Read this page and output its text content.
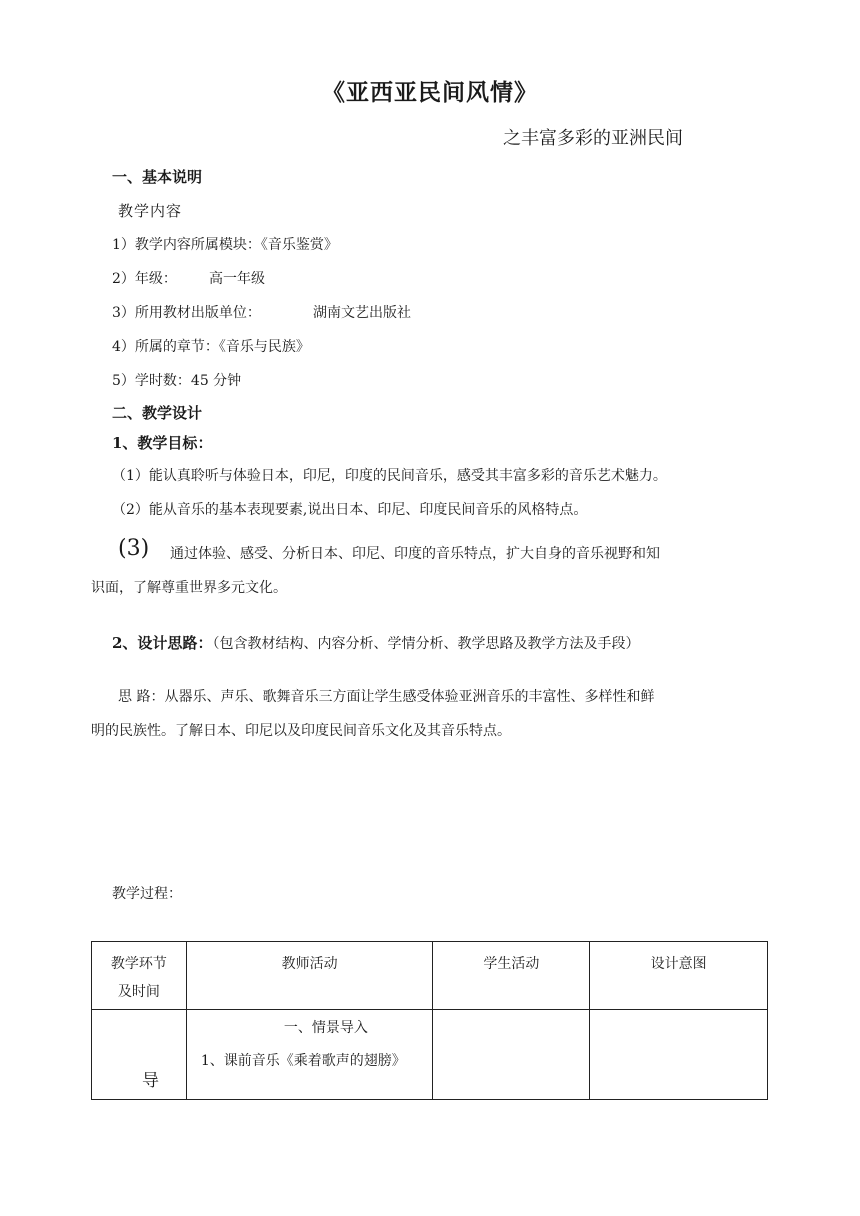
《亚西亚民间风情》
之丰富多彩的亚洲民间
一、基本说明
教学内容
1）教学内容所属模块：《音乐鉴赏》
2）年级： 高一年级
3）所用教材出版单位：	湖南文艺出版社
4）所属的章节：《音乐与民族》
5）学时数：45 分钟
二、教学设计
1、教学目标：
（1）能认真聆听与体验日本，印尼，印度的民间音乐，感受其丰富多彩的音乐艺术魅力。
（2）能从音乐的基本表现要素,说出日本、印尼、印度民间音乐的风格特点。
(3) 通过体验、感受、分析日本、印尼、印度的音乐特点，扩大自身的音乐视野和知
识面，了解尊重世界多元文化。
2、设计思路：（包含教材结构、内容分析、学情分析、教学思路及教学方法及手段）
思 路：从器乐、声乐、歌舞音乐三方面让学生感受体验亚洲音乐的丰富性、多样性和鲜
明的民族性。了解日本、印尼以及印度民间音乐文化及其音乐特点。
教学过程：
教学环节
及时间	教师活动	学生活动	设计意图

导	一、情景导入
1、课前音乐《乘着歌声的翅膀》		
